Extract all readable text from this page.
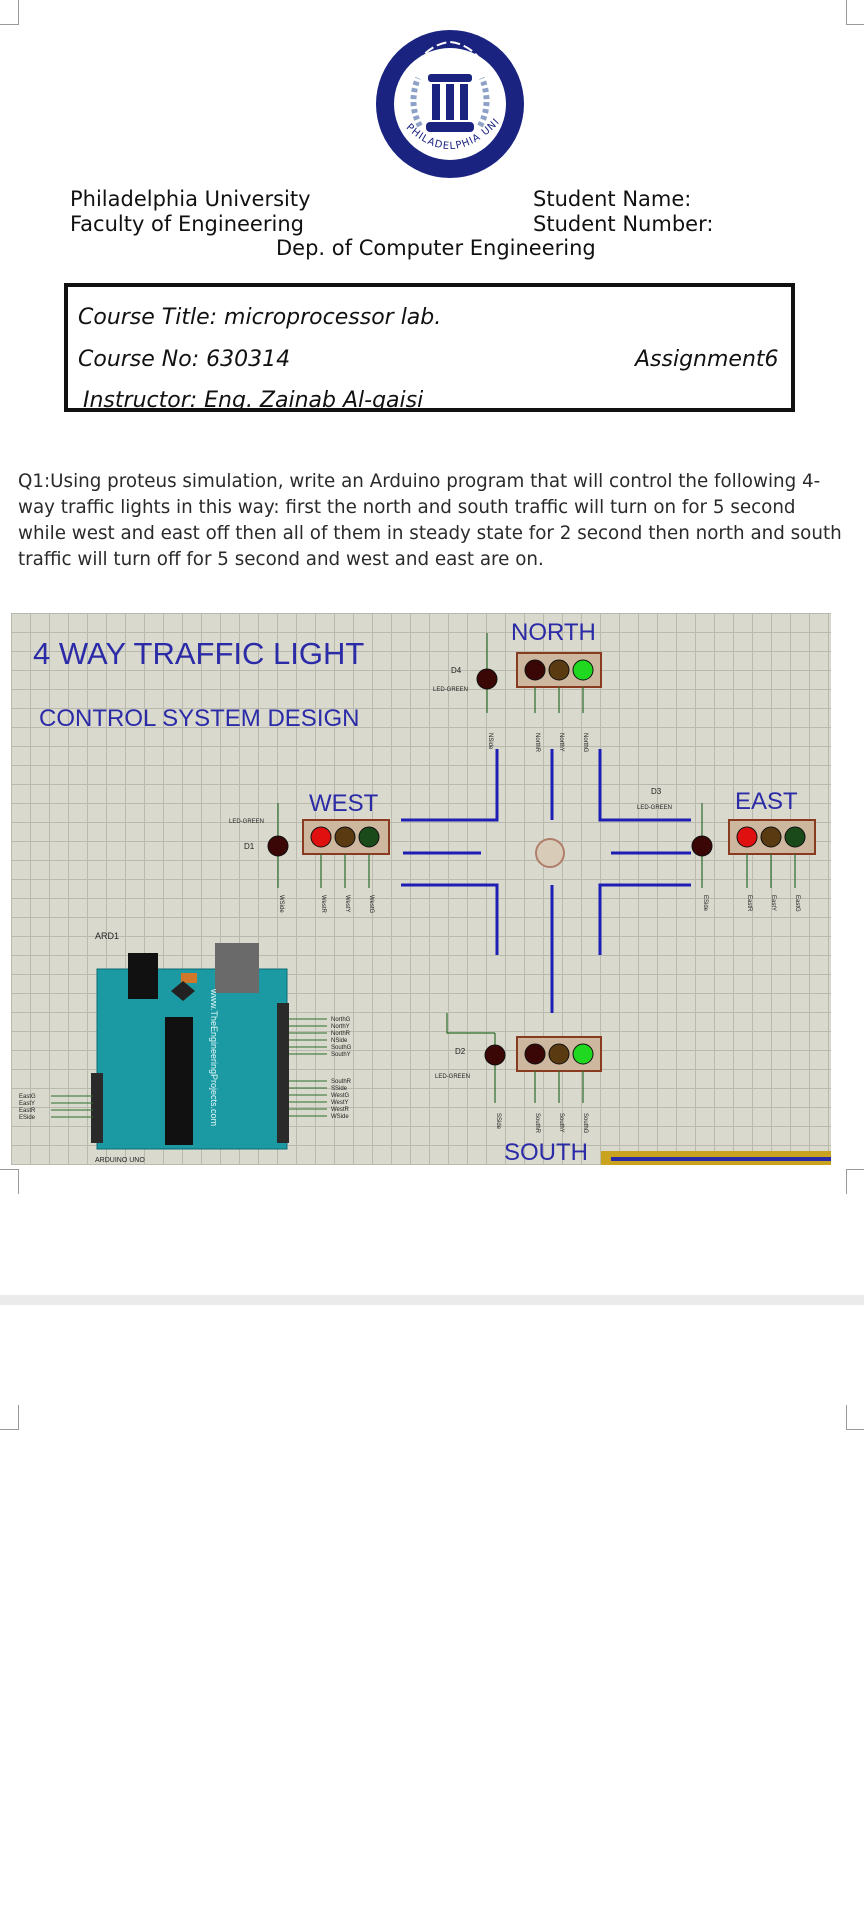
PHILADELPHIA UNI
Philadelphia University
Faculty of Engineering
Student Name:
Student Number:
Dep. of Computer Engineering
Course Title: microprocessor lab.
Course No: 630314	Assignment6
Instructor: Eng. Zainab Al-qaisi
Q1:Using proteus simulation, write an Arduino program that will control the following 4-way traffic lights in this way: first the north and south traffic will turn on for 5 second while west and east off then all of them in steady state for 2 second then north and south traffic will turn off for 5 second and west and east are on.
4 WAY TRAFFIC LIGHT
CONTROL SYSTEM DESIGN
NORTH
D4
LED-GREEN
NSide	NorthR	NorthY	NorthG
WEST
D1
LED-GREEN
WSide	WestR	WestY	WestG
EAST
D3
LED-GREEN
ESide	EastR	EastY	EastG
SOUTH
D2
LED-GREEN
SSide	SouthR	SouthY	SouthG
ARD1
www.TheEngineeringProjects.com
ARDUINO UNO
NorthG
NorthY
NorthR
NSide
SouthG
SouthY
SouthR
SSide
WestG
WestY
WestR
WSide
EastG
EastY
EastR
ESide
